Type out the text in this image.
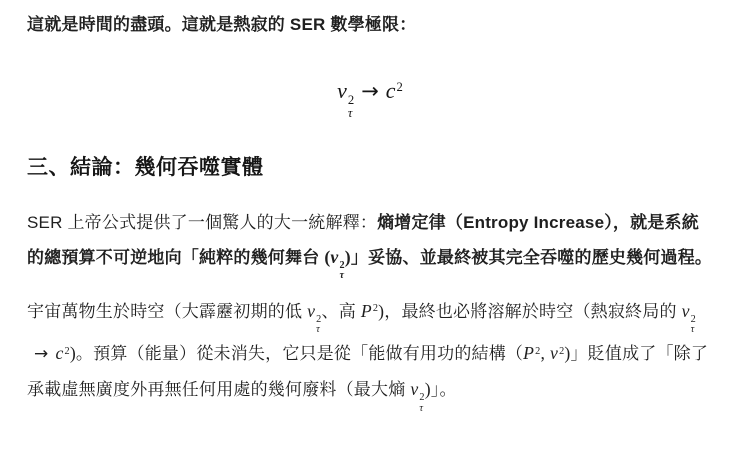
這就是時間的盡頭。這就是熱寂的 SER 數學極限：

v 2
τ
→ $c^2$
三、結論：幾何吞噬實體

SER 上帝公式提供了一個驚人的大一統解釋：熵增定律（Entropy Increase），就是系統的總預算不可逆地向「純粹的幾何舞台 (v 2
τ
)」妥協、並最終被其完全吞噬的歷史幾何過程。

宇宙萬物生於時空（大霹靂初期的低 v 2
τ
、高 $P^2$)，最終也必將溶解於時空（熱寂終局的 v 2
τ
→ $c^2$)。預算（能量）從未消失，它只是從「能做有用功的結構（$P^2$, $v^2$)」貶值成了「除了承載虛無廣度外再無任何用處的幾何廢料（最大熵 v 2
τ
)」。
